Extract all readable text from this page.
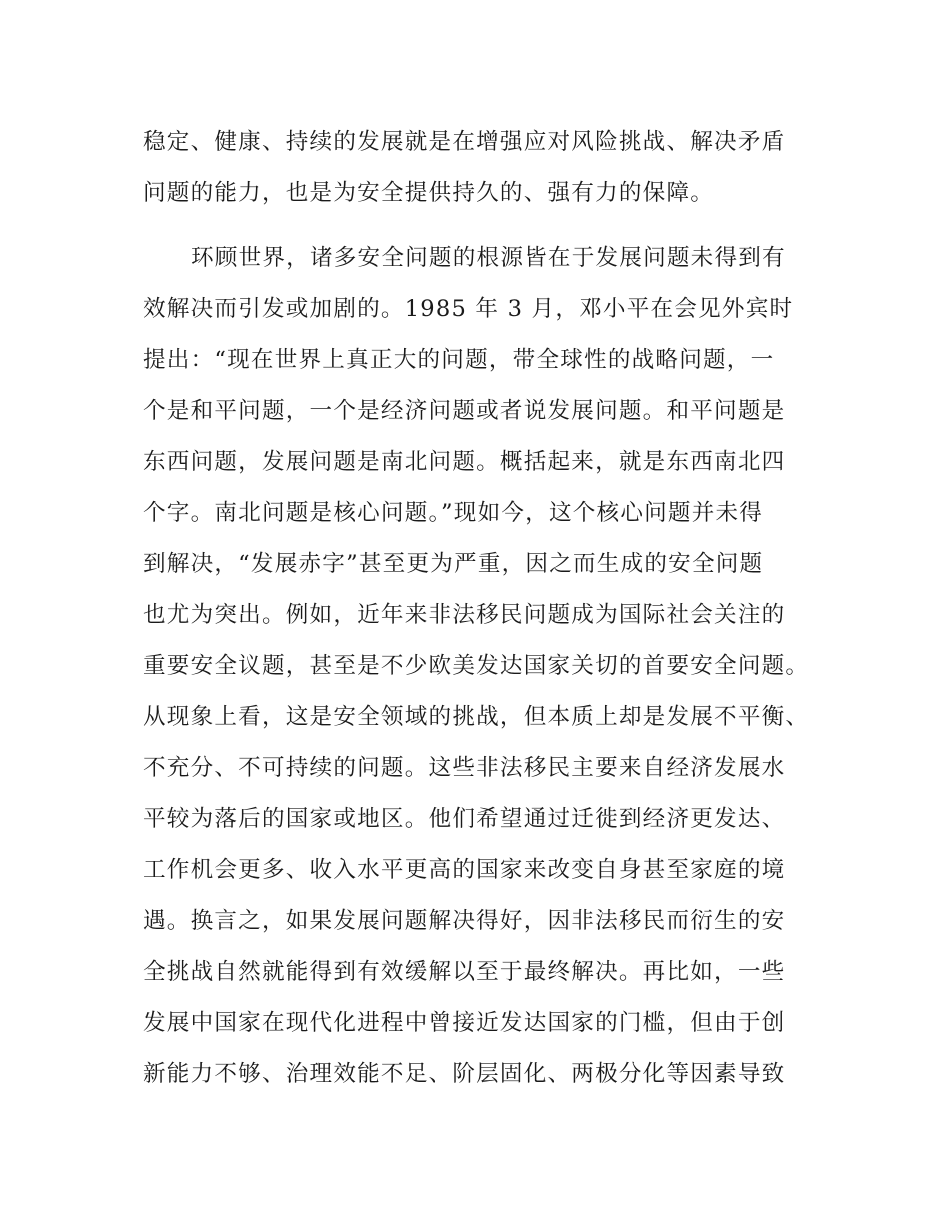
稳定、健康、持续的发展就是在增强应对风险挑战、解决矛盾
问题的能力，也是为安全提供持久的、强有力的保障。
环顾世界，诸多安全问题的根源皆在于发展问题未得到有
效解决而引发或加剧的。1985 年 3 月，邓小平在会见外宾时
提出：“现在世界上真正大的问题，带全球性的战略问题，一
个是和平问题，一个是经济问题或者说发展问题。和平问题是
东西问题，发展问题是南北问题。概括起来，就是东西南北四
个字。南北问题是核心问题。”现如今，这个核心问题并未得
到解决，“发展赤字”甚至更为严重，因之而生成的安全问题
也尤为突出。例如，近年来非法移民问题成为国际社会关注的
重要安全议题，甚至是不少欧美发达国家关切的首要安全问题。
从现象上看，这是安全领域的挑战，但本质上却是发展不平衡、
不充分、不可持续的问题。这些非法移民主要来自经济发展水
平较为落后的国家或地区。他们希望通过迁徙到经济更发达、
工作机会更多、收入水平更高的国家来改变自身甚至家庭的境
遇。换言之，如果发展问题解决得好，因非法移民而衍生的安
全挑战自然就能得到有效缓解以至于最终解决。再比如，一些
发展中国家在现代化进程中曾接近发达国家的门槛，但由于创
新能力不够、治理效能不足、阶层固化、两极分化等因素导致
